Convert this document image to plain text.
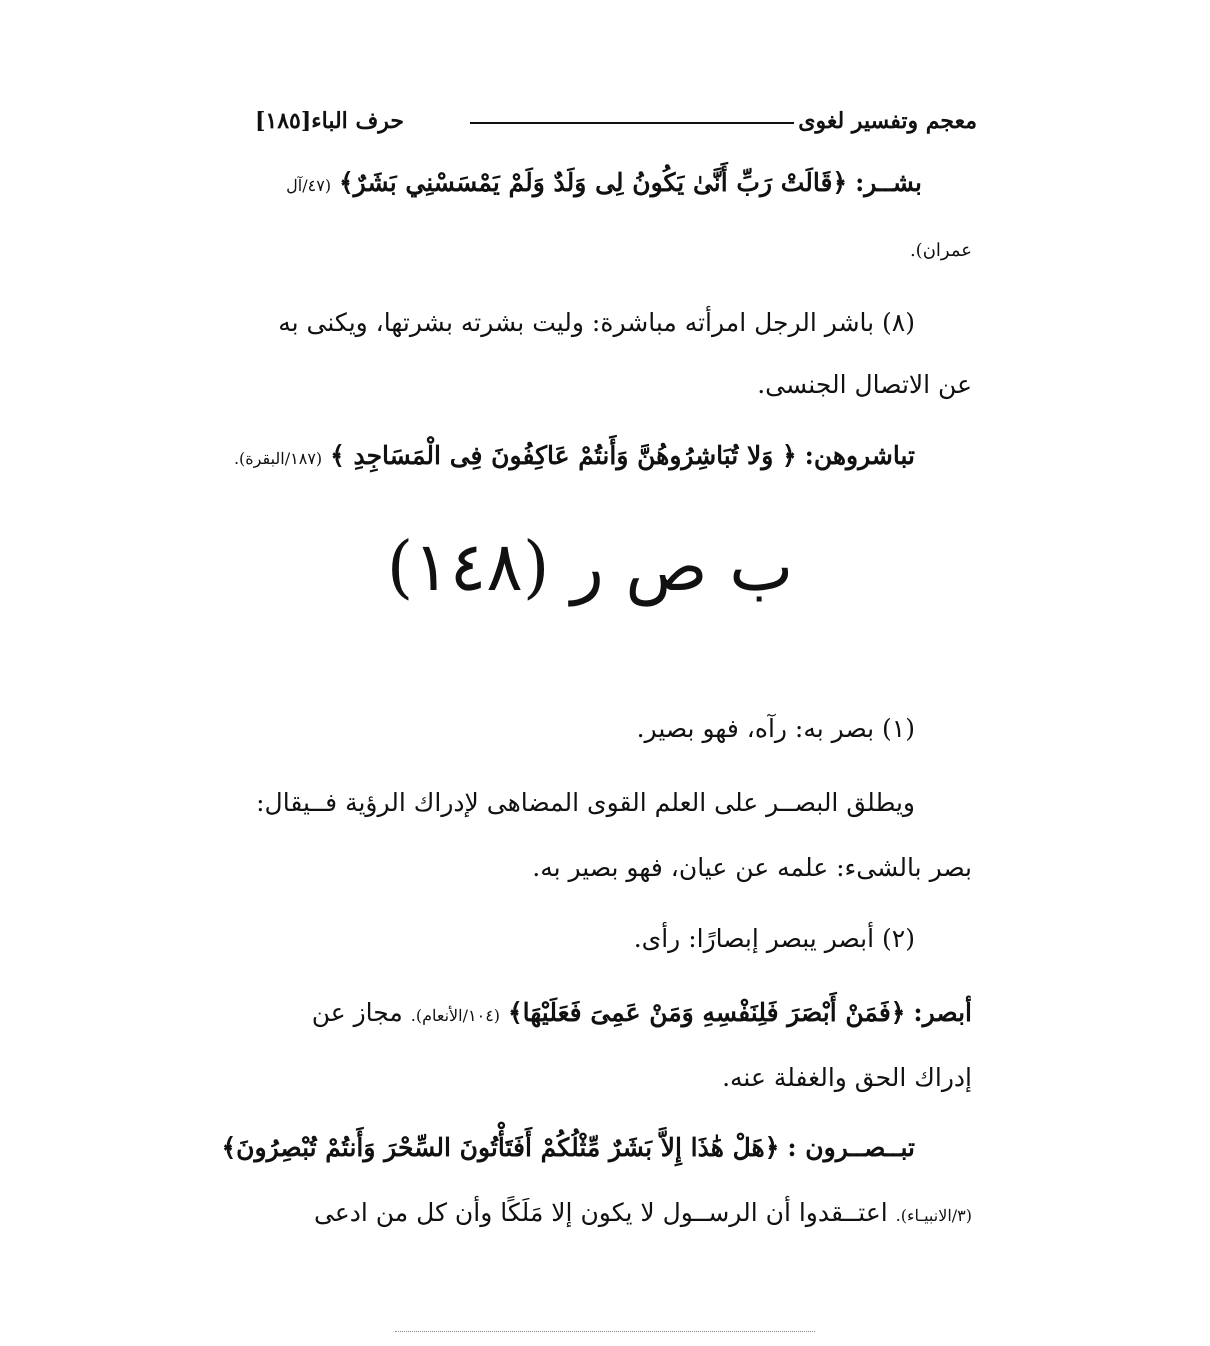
معجم وتفسير لغوى
حرف الباء[١٨٥]
بشــر: ﴿قَالَتْ رَبِّ أَنَّىٰ يَكُونُ لِى وَلَدٌ وَلَمْ يَمْسَسْنِي بَشَرٌ﴾ (٤٧/آل
عمران).
(٨) باشر الرجل امرأته مباشرة: وليت بشرته بشرتها، ويكنى به
عن الاتصال الجنسى.
تباشروهن: ﴿ وَلا تُبَاشِرُوهُنَّ وَأَنتُمْ عَاكِفُونَ فِى الْمَسَاجِدِ ﴾ (١٨٧/البقرة).
ب ص ر (١٤٨)
(١) بصر به: رآه، فهو بصير.
ويطلق البصــر على العلم القوى المضاهى لإدراك الرؤية فــيقال:
بصر بالشىء: علمه عن عيان، فهو بصير به.
(٢) أبصر يبصر إبصارًا: رأى.
أبصر: ﴿فَمَنْ أَبْصَرَ فَلِنَفْسِهِ وَمَنْ عَمِىَ فَعَلَيْهَا﴾ (١٠٤/الأنعام). مجاز عن
إدراك الحق والغفلة عنه.
تبــصــرون : ﴿هَلْ هَٰذَا إِلاَّ بَشَرٌ مِّثْلُكُمْ أَفَتَأْتُونَ السِّحْرَ وَأَنتُمْ تُبْصِرُونَ﴾
(٣/الانبيـاء). اعتــقدوا أن الرســول لا يكون إلا مَلَكًا وأن كل من ادعى
